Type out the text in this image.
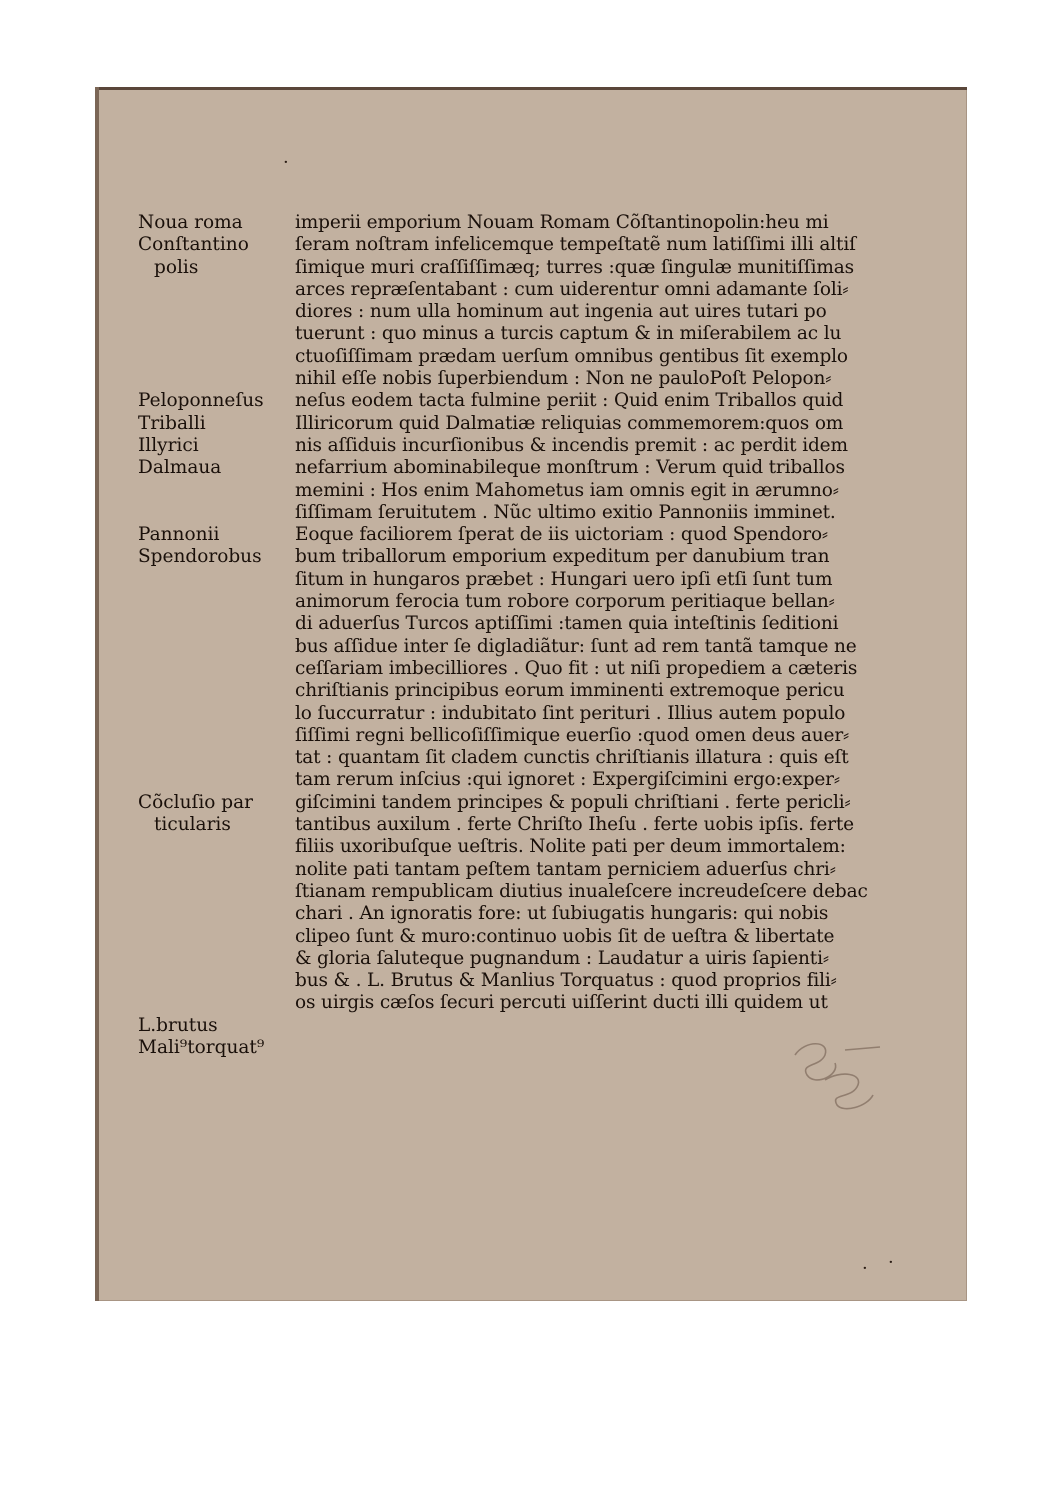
·
· ·
Noua roma
Conſtantino
polis
Peloponneſus
Triballi
Illyrici
Dalmaua
Pannonii
Spendorobus
Cõcluſio par
ticularis
L.brutus
Mali⁹torquat⁹
imperii emporium Nouam Romam Cõſtantinopolin:heu mi
ſeram noſtram infelicemque tempeſtatẽ num latiſſimi illi altiſ
ſimique muri craſſiſſimæq; turres :quæ ſingulæ munitiſſimas
arces repræſentabant : cum uiderentur omni adamante ſoli⸗
diores : num ulla hominum aut ingenia aut uires tutari po
tuerunt : quo minus a turcis captum & in miſerabilem ac lu
ctuoſiſſimam prædam uerſum omnibus gentibus ſit exemplo
nihil eſſe nobis ſuperbiendum : Non ne pauloPoſt Pelopon⸗
neſus eodem tacta fulmine periit : Quid enim Triballos quid
Illiricorum quid Dalmatiæ reliquias commemorem:quos om
nis aſſiduis incurſionibus & incendis premit : ac perdit idem
nefarrium abominabileque monſtrum : Verum quid triballos
memini : Hos enim Mahometus iam omnis egit in ærumno⸗
ſiſſimam ſeruitutem . Nũc ultimo exitio Pannoniis imminet.
Eoque faciliorem ſperat de iis uictoriam : quod Spendoro⸗
bum triballorum emporium expeditum per danubium tran
ſitum in hungaros præbet : Hungari uero ipſi etſi ſunt tum
animorum ferocia tum robore corporum peritiaque bellan⸗
di aduerſus Turcos aptiſſimi :tamen quia inteſtinis ſeditioni
bus aſſidue inter ſe digladiãtur: ſunt ad rem tantã tamque ne
ceſſariam imbecilliores . Quo fit : ut niſi propediem a cæteris
chriſtianis principibus eorum imminenti extremoque pericu
lo ſuccurratur : indubitato ſint perituri . Illius autem populo
ſiſſimi regni bellicoſiſſimique euerſio :quod omen deus auer⸗
tat : quantam ſit cladem cunctis chriſtianis illatura : quis eſt
tam rerum inſcius :qui ignoret : Expergiſcimini ergo:exper⸗
giſcimini tandem principes & populi chriſtiani . ferte pericli⸗
tantibus auxilum . ferte Chriſto Iheſu . ferte uobis ipſis. ferte
filiis uxoribuſque ueſtris. Nolite pati per deum immortalem:
nolite pati tantam peſtem tantam perniciem aduerſus chri⸗
ſtianam rempublicam diutius inualeſcere increudeſcere debac
chari . An ignoratis fore: ut ſubiugatis hungaris: qui nobis
clipeo ſunt & muro:continuo uobis ſit de ueſtra & libertate
& gloria ſaluteque pugnandum : Laudatur a uiris ſapienti⸗
bus & . L. Brutus & Manlius Torquatus : quod proprios fili⸗
os uirgis cæſos ſecuri percuti uiſſerint ducti illi quidem ut
